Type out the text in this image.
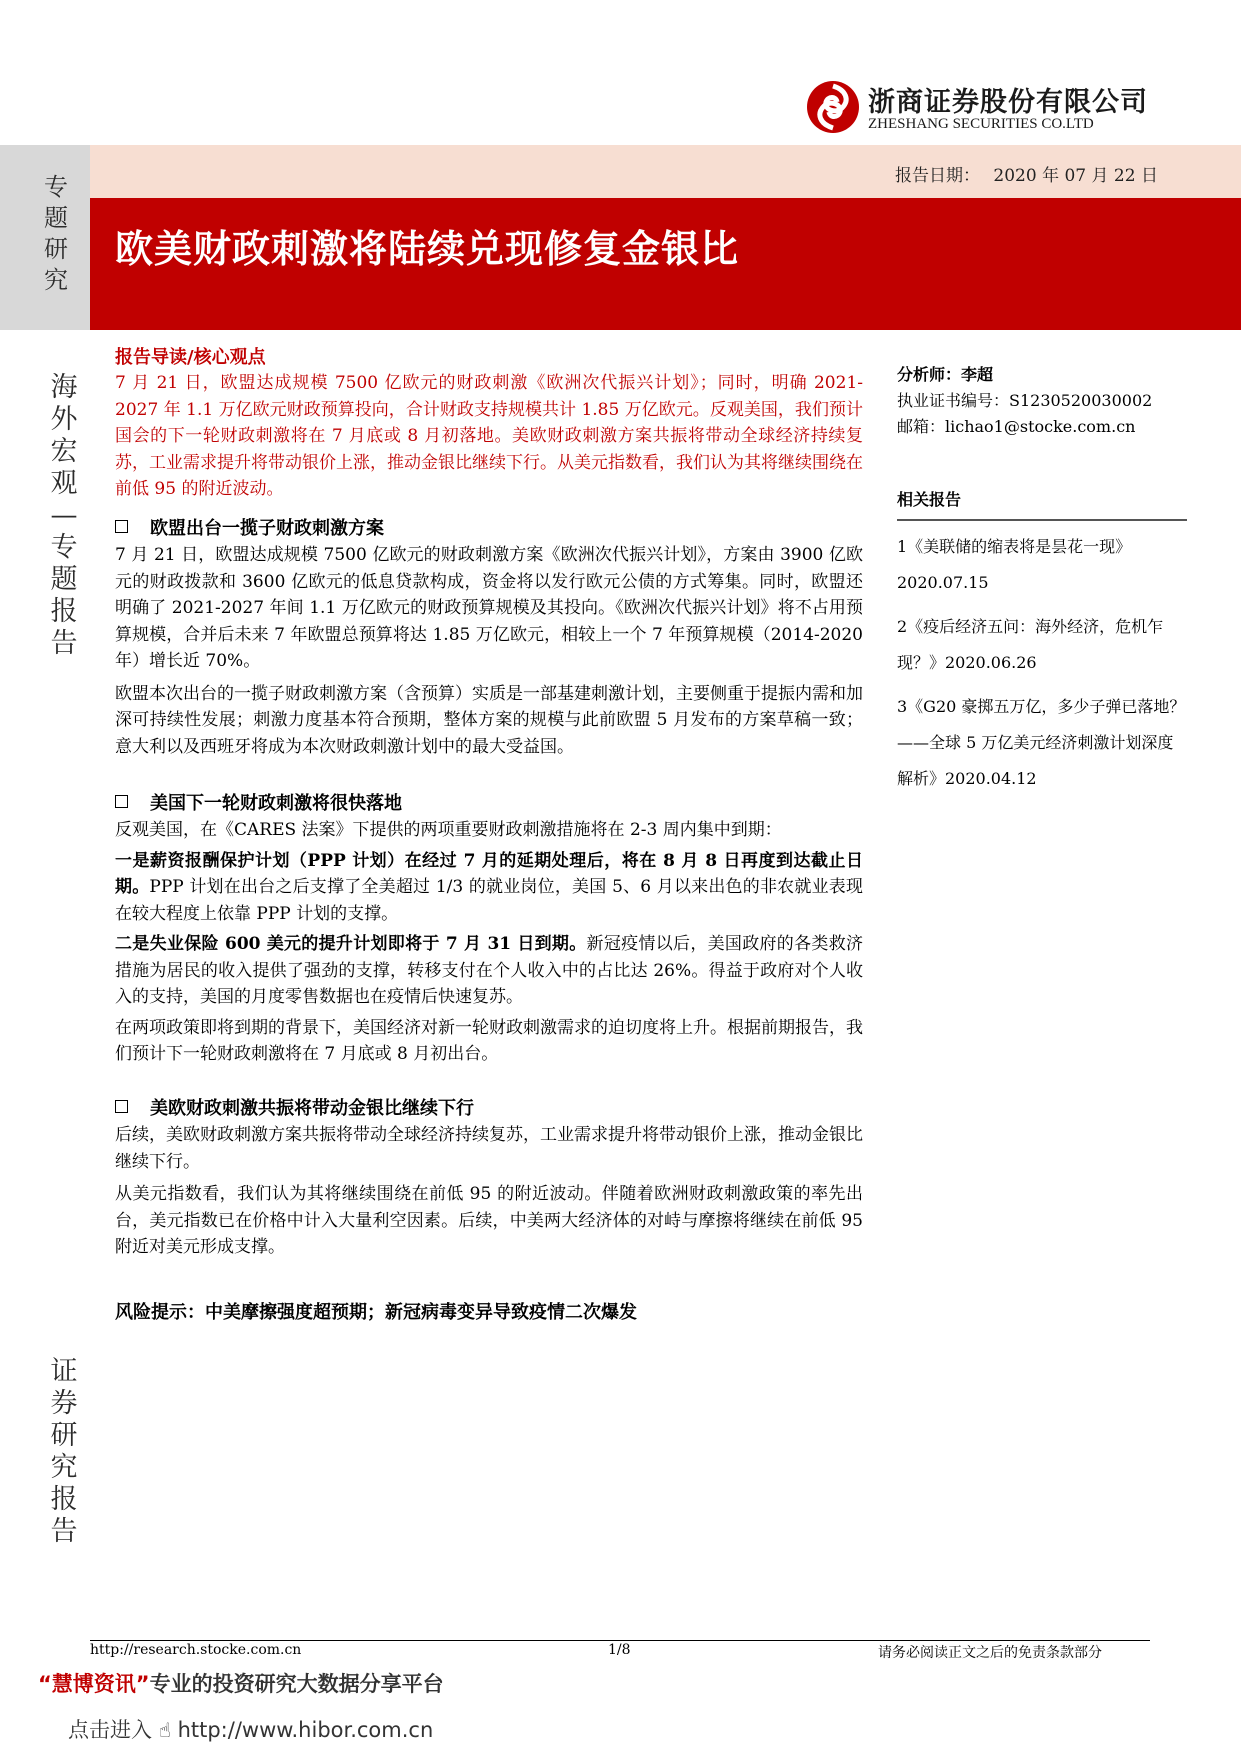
浙商证券股份有限公司
ZHESHANG SECURITIES CO.LTD
专题研究
报告日期： 2020 年 07 月 22 日
欧美财政刺激将陆续兑现修复金银比
海外宏观—专题报告
证券研究报告
报告导读/核心观点
7 月 21 日，欧盟达成规模 7500 亿欧元的财政刺激《欧洲次代振兴计划》；同时，明确 2021-2027 年 1.1 万亿欧元财政预算投向，合计财政支持规模共计 1.85 万亿欧元。反观美国，我们预计国会的下一轮财政刺激将在 7 月底或 8 月初落地。美欧财政刺激方案共振将带动全球经济持续复苏，工业需求提升将带动银价上涨，推动金银比继续下行。从美元指数看，我们认为其将继续围绕在前低 95 的附近波动。
欧盟出台一揽子财政刺激方案

7 月 21 日，欧盟达成规模 7500 亿欧元的财政刺激方案《欧洲次代振兴计划》，方案由 3900 亿欧元的财政拨款和 3600 亿欧元的低息贷款构成，资金将以发行欧元公债的方式筹集。同时，欧盟还明确了 2021-2027 年间 1.1 万亿欧元的财政预算规模及其投向。《欧洲次代振兴计划》将不占用预算规模，合并后未来 7 年欧盟总预算将达 1.85 万亿欧元，相较上一个 7 年预算规模（2014-2020 年）增长近 70%。

欧盟本次出台的一揽子财政刺激方案（含预算）实质是一部基建刺激计划，主要侧重于提振内需和加深可持续性发展；刺激力度基本符合预期，整体方案的规模与此前欧盟 5 月发布的方案草稿一致；意大利以及西班牙将成为本次财政刺激计划中的最大受益国。

美国下一轮财政刺激将很快落地

反观美国，在《CARES 法案》下提供的两项重要财政刺激措施将在 2-3 周内集中到期：

一是薪资报酬保护计划（PPP 计划）在经过 7 月的延期处理后，将在 8 月 8 日再度到达截止日期。PPP 计划在出台之后支撑了全美超过 1/3 的就业岗位，美国 5、6 月以来出色的非农就业表现在较大程度上依靠 PPP 计划的支撑。

二是失业保险 600 美元的提升计划即将于 7 月 31 日到期。新冠疫情以后，美国政府的各类救济措施为居民的收入提供了强劲的支撑，转移支付在个人收入中的占比达 26%。得益于政府对个人收入的支持，美国的月度零售数据也在疫情后快速复苏。

在两项政策即将到期的背景下，美国经济对新一轮财政刺激需求的迫切度将上升。根据前期报告，我们预计下一轮财政刺激将在 7 月底或 8 月初出台。

美欧财政刺激共振将带动金银比继续下行

后续，美欧财政刺激方案共振将带动全球经济持续复苏，工业需求提升将带动银价上涨，推动金银比继续下行。

从美元指数看，我们认为其将继续围绕在前低 95 的附近波动。伴随着欧洲财政刺激政策的率先出台，美元指数已在价格中计入大量利空因素。后续，中美两大经济体的对峙与摩擦将继续在前低 95 附近对美元形成支撑。

风险提示：中美摩擦强度超预期；新冠病毒变异导致疫情二次爆发
分析师：李超
执业证书编号：S1230520030002
邮箱：lichao1@stocke.com.cn
相关报告
1《美联储的缩表将是昙花一现》2020.07.15
2《疫后经济五问：海外经济，危机乍现？》2020.06.26
3《G20 豪掷五万亿，多少子弹已落地？——全球 5 万亿美元经济刺激计划深度解析》2020.04.12
http://research.stocke.com.cn	1/8	请务必阅读正文之后的免责条款部分
“慧博资讯”专业的投资研究大数据分享平台
点击进入 ☝ http://www.hibor.com.cn
